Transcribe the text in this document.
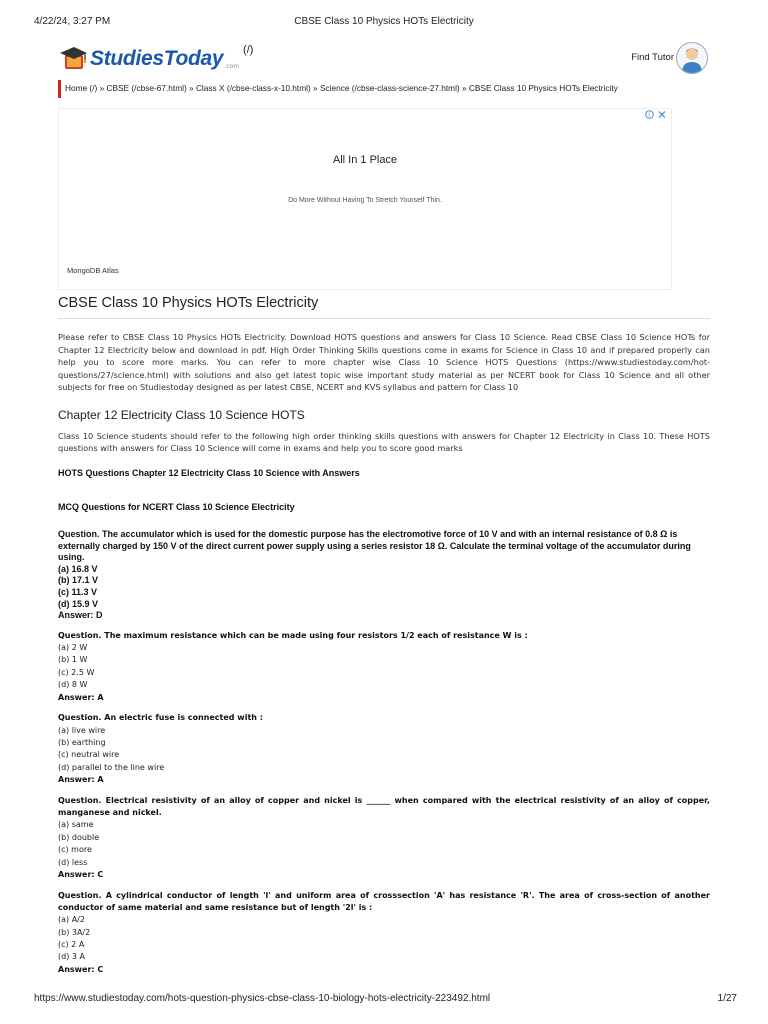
4/22/24, 3:27 PM	CBSE Class 10 Physics HOTs Electricity
StudiesToday .com
(/)
Find Tutor
Home (/) » CBSE (/cbse-67.html) » Class X (/cbse-class-x-10.html) » Science (/cbse-class-science-27.html) » CBSE Class 10 Physics HOTs Electricity
i
All In 1 Place
Do More Without Having To Stretch Yourself Thin.
MongoDB Atlas
CBSE Class 10 Physics HOTs Electricity

Please refer to CBSE Class 10 Physics HOTs Electricity. Download HOTS questions and answers for Class 10 Science. Read CBSE Class 10 Science HOTs for Chapter 12 Electricity below and download in pdf. High Order Thinking Skills questions come in exams for Science in Class 10 and if prepared properly can help you to score more marks. You can refer to more chapter wise Class 10 Science HOTS Questions (https://www.studiestoday.com/hot-questions/27/science.html) with solutions and also get latest topic wise important study material as per NCERT book for Class 10 Science and all other subjects for free on Studiestoday designed as per latest CBSE, NCERT and KVS syllabus and pattern for Class 10

Chapter 12 Electricity Class 10 Science HOTS

Class 10 Science students should refer to the following high order thinking skills questions with answers for Chapter 12 Electricity in Class 10. These HOTS questions with answers for Class 10 Science will come in exams and help you to score good marks

HOTS Questions Chapter 12 Electricity Class 10 Science with Answers
MCQ Questions for NCERT Class 10 Science Electricity
Question. The accumulator which is used for the domestic purpose has the electromotive force of 10 V and with an internal resistance of 0.8 Ω is externally charged by 150 V of the direct current power supply using a series resistor 18 Ω. Calculate the terminal voltage of the accumulator during using.
(a) 16.8 V
(b) 17.1 V
(c) 11.3 V
(d) 15.9 V
Answer: D
Question. The maximum resistance which can be made using four resistors 1/2 each of resistance W is :
(a) 2 W
(b) 1 W
(c) 2.5 W
(d) 8 W
Answer: A
Question. An electric fuse is connected with :
(a) live wire
(b) earthing
(c) neutral wire
(d) parallel to the line wire
Answer: A
Question. Electrical resistivity of an alloy of copper and nickel is ______ when compared with the electrical resistivity of an alloy of copper, manganese and nickel.
(a) same
(b) double
(c) more
(d) less
Answer: C
Question. A cylindrical conductor of length 'l' and uniform area of crosssection 'A' has resistance 'R'. The area of cross-section of another conductor of same material and same resistance but of length '2l' is :
(a) A/2
(b) 3A/2
(c) 2 A
(d) 3 A
Answer: C
https://www.studiestoday.com/hots-question-physics-cbse-class-10-biology-hots-electricity-223492.html	1/27
